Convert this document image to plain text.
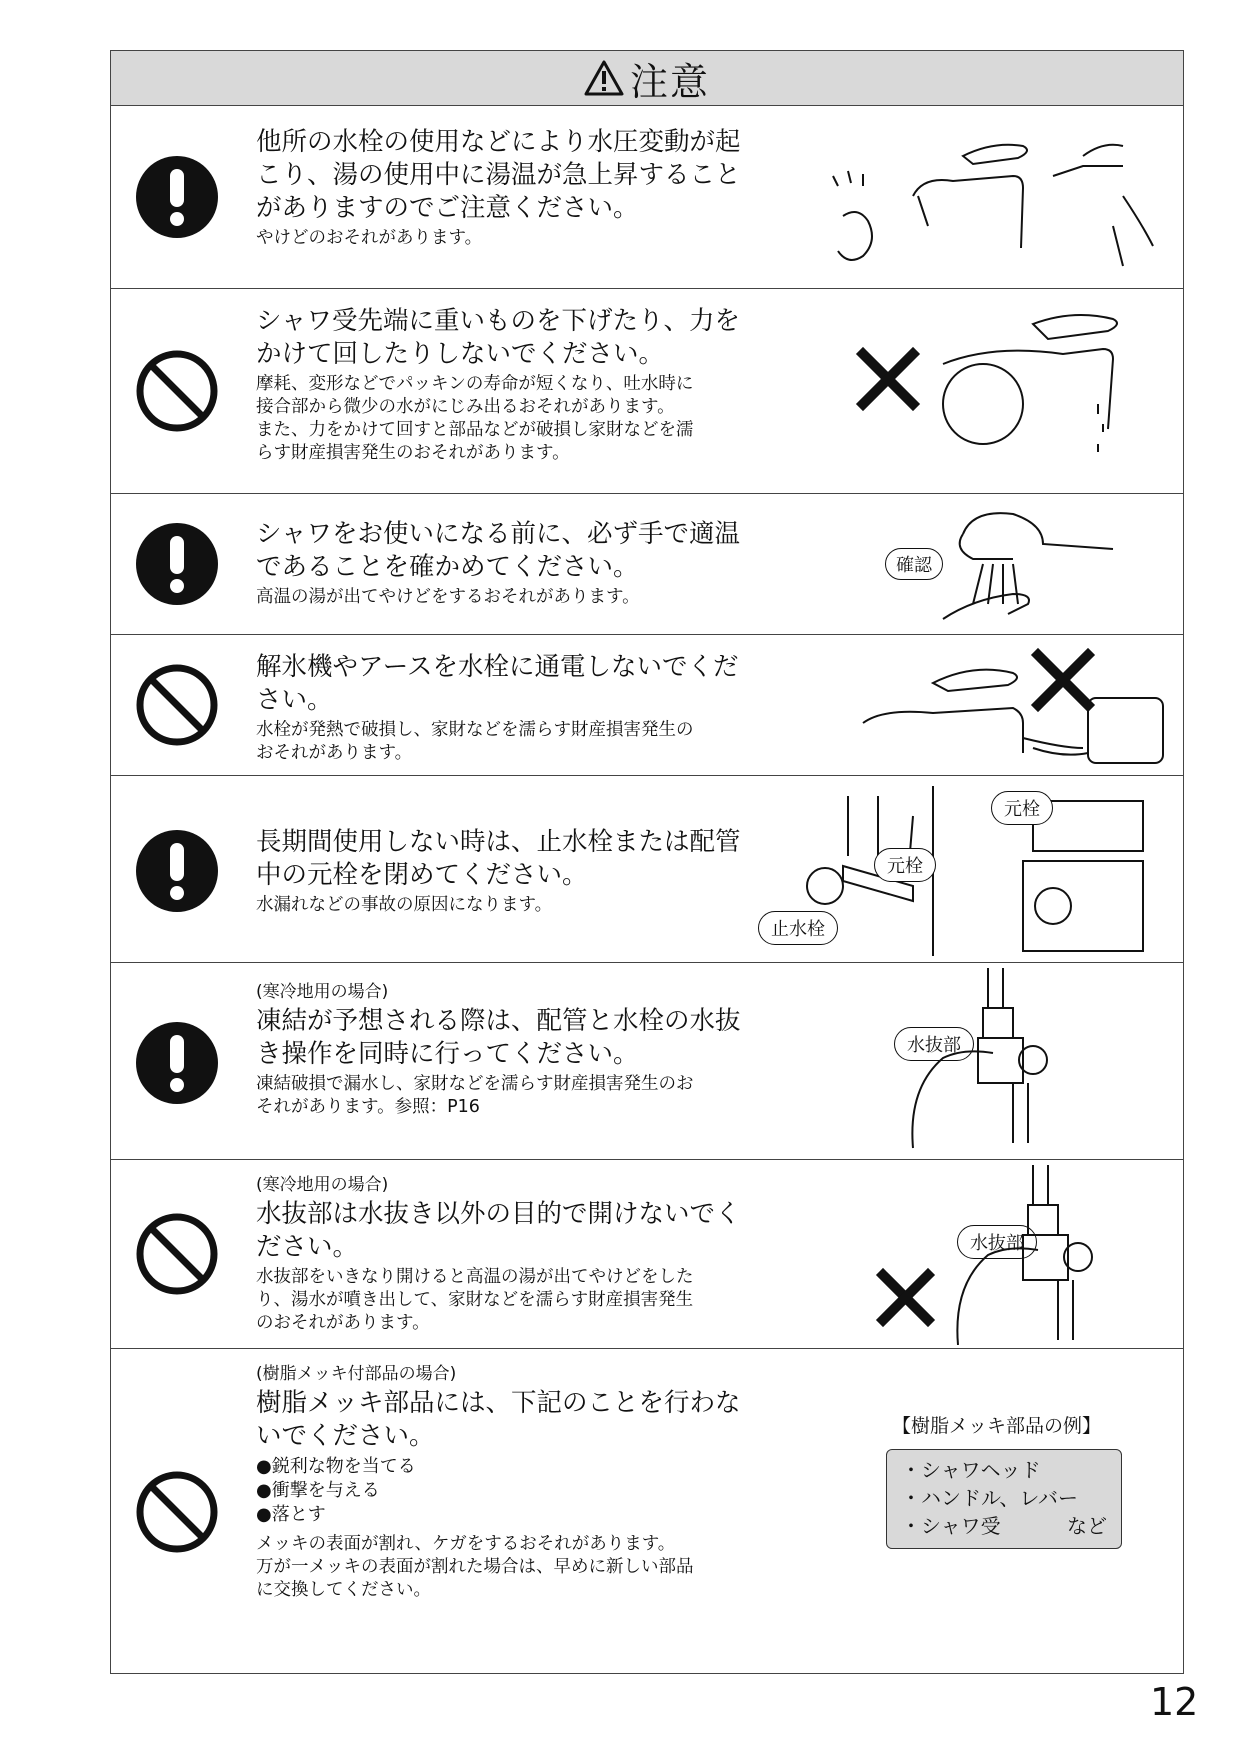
注意
他所の水栓の使用などにより水圧変動が起
こり、湯の使用中に湯温が急上昇すること
がありますのでご注意ください。
やけどのおそれがあります。
シャワ受先端に重いものを下げたり、力を
かけて回したりしないでください。
摩耗、変形などでパッキンの寿命が短くなり、吐水時に
接合部から微少の水がにじみ出るおそれがあります。
また、力をかけて回すと部品などが破損し家財などを濡
らす財産損害発生のおそれがあります。
シャワをお使いになる前に、必ず手で適温
であることを確かめてください。
高温の湯が出てやけどをするおそれがあります。
確認
解氷機やアースを水栓に通電しないでくだ
さい。
水栓が発熱で破損し、家財などを濡らす財産損害発生の
おそれがあります。
長期間使用しない時は、止水栓または配管
中の元栓を閉めてください。
水漏れなどの事故の原因になります。
元栓
元栓
止水栓
(寒冷地用の場合)
凍結が予想される際は、配管と水栓の水抜
き操作を同時に行ってください。
凍結破損で漏水し、家財などを濡らす財産損害発生のお
それがあります。参照：P16
水抜部
(寒冷地用の場合)
水抜部は水抜き以外の目的で開けないでく
ださい。
水抜部をいきなり開けると高温の湯が出てやけどをした
り、湯水が噴き出して、家財などを濡らす財産損害発生
のおそれがあります。
水抜部
(樹脂メッキ付部品の場合)
樹脂メッキ部品には、下記のことを行わな
いでください。
●鋭利な物を当てる
●衝撃を与える
●落とす
メッキの表面が割れ、ケガをするおそれがあります。
万が一メッキの表面が割れた場合は、早めに新しい部品
に交換してください。
【樹脂メッキ部品の例】
・シャワヘッド
・ハンドル、レバー
・シャワ受	など
12
